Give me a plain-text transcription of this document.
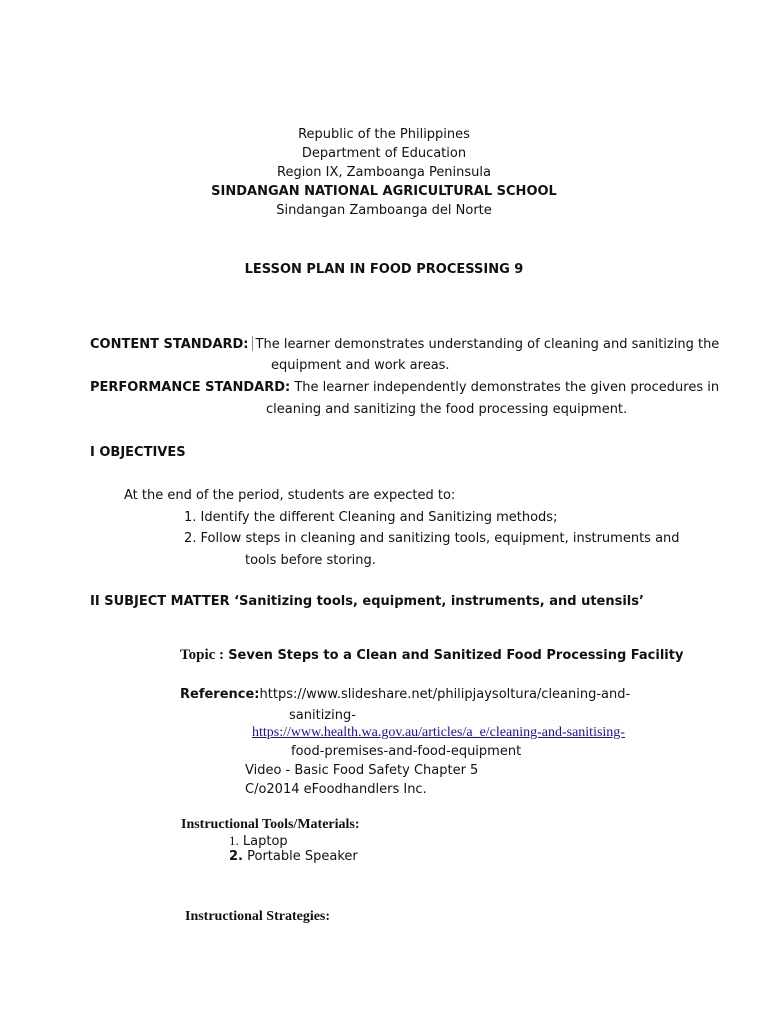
Republic of the Philippines
Department of Education
Region IX, Zamboanga Peninsula
SINDANGAN NATIONAL AGRICULTURAL SCHOOL
Sindangan Zamboanga del Norte
LESSON PLAN IN FOOD PROCESSING 9
CONTENT STANDARD: The learner demonstrates understanding of cleaning and sanitizing the
equipment and work areas.
PERFORMANCE STANDARD: The learner independently demonstrates the given procedures in
cleaning and sanitizing the food processing equipment.
I OBJECTIVES
At the end of the period, students are expected to:
1. Identify the different Cleaning and Sanitizing methods;
2. Follow steps in cleaning and sanitizing tools, equipment, instruments and
tools before storing.
II SUBJECT MATTER ‘Sanitizing tools, equipment, instruments, and utensils’
Topic : Seven Steps to a Clean and Sanitized Food Processing Facility
Reference:https://www.slideshare.net/philipjaysoltura/cleaning-and-
sanitizing-
https://www.health.wa.gov.au/articles/a_e/cleaning-and-sanitising-
food-premises-and-food-equipment
Video - Basic Food Safety Chapter 5
C/o2014 eFoodhandlers Inc.
Instructional Tools/Materials:
1. Laptop
2. Portable Speaker
Instructional Strategies:
